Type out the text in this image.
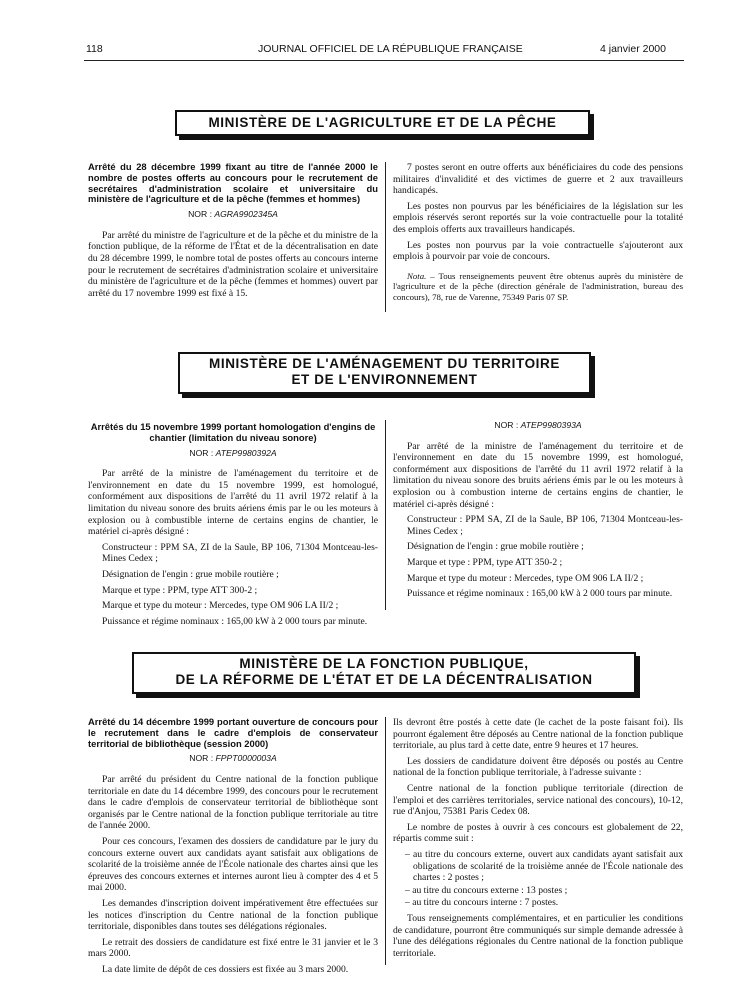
118	JOURNAL OFFICIEL DE LA RÉPUBLIQUE FRANÇAISE	4 janvier 2000
MINISTÈRE DE L'AGRICULTURE ET DE LA PÊCHE
Arrêté du 28 décembre 1999 fixant au titre de l'année 2000 le nombre de postes offerts au concours pour le recrutement de secrétaires d'administration scolaire et universitaire du ministère de l'agriculture et de la pêche (femmes et hommes)
NOR : AGRA9902345A

Par arrêté du ministre de l'agriculture et de la pêche et du ministre de la fonction publique, de la réforme de l'État et de la décentralisation en date du 28 décembre 1999, le nombre total de postes offerts au concours interne pour le recrutement de secrétaires d'administration scolaire et universitaire du ministère de l'agriculture et de la pêche (femmes et hommes) ouvert par arrêté du 17 novembre 1999 est fixé à 15.

7 postes seront en outre offerts aux bénéficiaires du code des pensions militaires d'invalidité et des victimes de guerre et 2 aux travailleurs handicapés.

Les postes non pourvus par les bénéficiaires de la législation sur les emplois réservés seront reportés sur la voie contractuelle pour la totalité des emplois offerts aux travailleurs handicapés.

Les postes non pourvus par la voie contractuelle s'ajouteront aux emplois à pourvoir par voie de concours.

Nota. – Tous renseignements peuvent être obtenus auprès du ministère de l'agriculture et de la pêche (direction générale de l'administration, bureau des concours), 78, rue de Varenne, 75349 Paris 07 SP.
MINISTÈRE DE L'AMÉNAGEMENT DU TERRITOIRE
ET DE L'ENVIRONNEMENT
Arrêtés du 15 novembre 1999 portant homologation d'engins de chantier (limitation du niveau sonore)
NOR : ATEP9980392A

Par arrêté de la ministre de l'aménagement du territoire et de l'environnement en date du 15 novembre 1999, est homologué, conformément aux dispositions de l'arrêté du 11 avril 1972 relatif à la limitation du niveau sonore des bruits aériens émis par le ou les moteurs à explosion ou à combustible interne de certains engins de chantier, le matériel ci-après désigné :

Constructeur : PPM SA, ZI de la Saule, BP 106, 71304 Montceau-les-Mines Cedex ;

Désignation de l'engin : grue mobile routière ;

Marque et type : PPM, type ATT 300-2 ;

Marque et type du moteur : Mercedes, type OM 906 LA II/2 ;

Puissance et régime nominaux : 165,00 kW à 2 000 tours par minute.

NOR : ATEP9980393A

Par arrêté de la ministre de l'aménagement du territoire et de l'environnement en date du 15 novembre 1999, est homologué, conformément aux dispositions de l'arrêté du 11 avril 1972 relatif à la limitation du niveau sonore des bruits aériens émis par le ou les moteurs à explosion ou à combustion interne de certains engins de chantier, le matériel ci-après désigné :

Constructeur : PPM SA, ZI de la Saule, BP 106, 71304 Montceau-les-Mines Cedex ;

Désignation de l'engin : grue mobile routière ;

Marque et type : PPM, type ATT 350-2 ;

Marque et type du moteur : Mercedes, type OM 906 LA II/2 ;

Puissance et régime nominaux : 165,00 kW à 2 000 tours par minute.

MINISTÈRE DE LA FONCTION PUBLIQUE,
DE LA RÉFORME DE L'ÉTAT ET DE LA DÉCENTRALISATION
Arrêté du 14 décembre 1999 portant ouverture de concours pour le recrutement dans le cadre d'emplois de conservateur territorial de bibliothèque (session 2000)
NOR : FPPT0000003A

Par arrêté du président du Centre national de la fonction publique territoriale en date du 14 décembre 1999, des concours pour le recrutement dans le cadre d'emplois de conservateur territorial de bibliothèque sont organisés par le Centre national de la fonction publique territoriale au titre de l'année 2000.

Pour ces concours, l'examen des dossiers de candidature par le jury du concours externe ouvert aux candidats ayant satisfait aux obligations de scolarité de la troisième année de l'École nationale des chartes ainsi que les épreuves des concours externes et internes auront lieu à compter des 4 et 5 mai 2000.

Les demandes d'inscription doivent impérativement être effectuées sur les notices d'inscription du Centre national de la fonction publique territoriale, disponibles dans toutes ses délégations régionales.

Le retrait des dossiers de candidature est fixé entre le 31 janvier et le 3 mars 2000.

La date limite de dépôt de ces dossiers est fixée au 3 mars 2000.

Ils devront être postés à cette date (le cachet de la poste faisant foi). Ils pourront également être déposés au Centre national de la fonction publique territoriale, au plus tard à cette date, entre 9 heures et 17 heures.

Les dossiers de candidature doivent être déposés ou postés au Centre national de la fonction publique territoriale, à l'adresse suivante :

Centre national de la fonction publique territoriale (direction de l'emploi et des carrières territoriales, service national des concours), 10-12, rue d'Anjou, 75381 Paris Cedex 08.

Le nombre de postes à ouvrir à ces concours est globalement de 22, répartis comme suit :

– au titre du concours externe, ouvert aux candidats ayant satisfait aux obligations de scolarité de la troisième année de l'École nationale des chartes : 2 postes ;
– au titre du concours externe : 13 postes ;
– au titre du concours interne : 7 postes.

Tous renseignements complémentaires, et en particulier les conditions de candidature, pourront être communiqués sur simple demande adressée à l'une des délégations régionales du Centre national de la fonction publique territoriale.
